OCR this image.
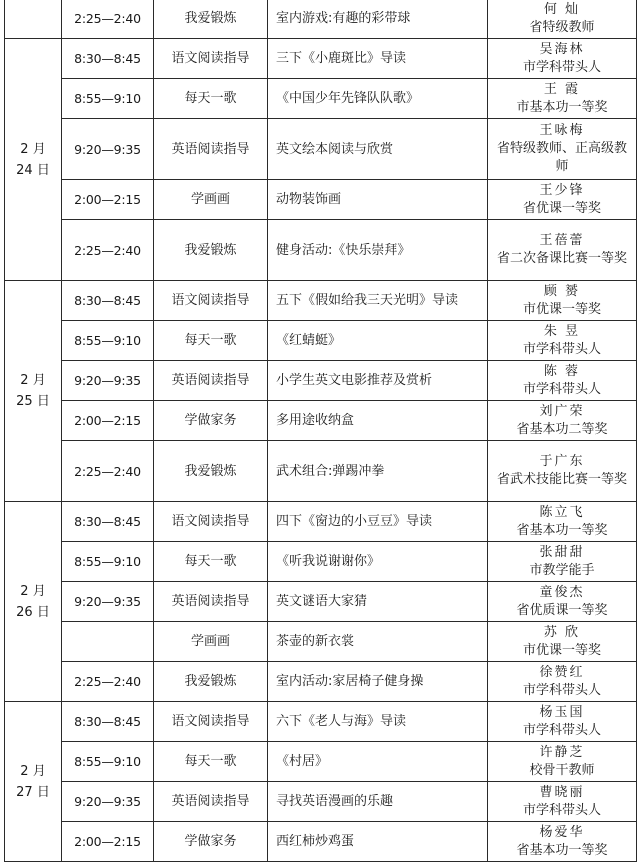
	2:25—2:40	我爱锻炼	室内游戏:有趣的彩带球	何 灿
省特级教师

2 月
24 日	8:30—8:45	语文阅读指导	三下《小鹿斑比》导读	吴海林
市学科带头人

	8:55—9:10	每天一歌	《中国少年先锋队队歌》	王 霞
市基本功一等奖

	9:20—9:35	英语阅读指导	英文绘本阅读与欣赏	王咏梅
省特级教师、正高级教师

	2:00—2:15	学画画	动物装饰画	王少锋
省优课一等奖

	2:25—2:40	我爱锻炼	健身活动:《快乐崇拜》	王蓓蕾
省二次备课比赛一等奖

2 月
25 日	8:30—8:45	语文阅读指导	五下《假如给我三天光明》导读	顾 赟
市优课一等奖

	8:55—9:10	每天一歌	《红蜻蜓》	朱 昱
市学科带头人

	9:20—9:35	英语阅读指导	小学生英文电影推荐及赏析	陈 蓉
市学科带头人

	2:00—2:15	学做家务	多用途收纳盒	刘广荣
省基本功二等奖

	2:25—2:40	我爱锻炼	武术组合:弹踢冲拳	于广东
省武术技能比赛一等奖

2 月
26 日	8:30—8:45	语文阅读指导	四下《窗边的小豆豆》导读	陈立飞
省基本功一等奖

	8:55—9:10	每天一歌	《听我说谢谢你》	张甜甜
市教学能手

	9:20—9:35	英语阅读指导	英文谜语大家猜	童俊杰
省优质课一等奖

		学画画	茶壶的新衣裳	苏 欣
市优课一等奖

	2:25—2:40	我爱锻炼	室内活动:家居椅子健身操	徐赞红
市学科带头人

2 月
27 日	8:30—8:45	语文阅读指导	六下《老人与海》导读	杨玉国
市学科带头人

	8:55—9:10	每天一歌	《村居》	许静芝
校骨干教师

	9:20—9:35	英语阅读指导	寻找英语漫画的乐趣	曹晓丽
市学科带头人

	2:00—2:15	学做家务	西红柿炒鸡蛋	杨爱华
省基本功一等奖
